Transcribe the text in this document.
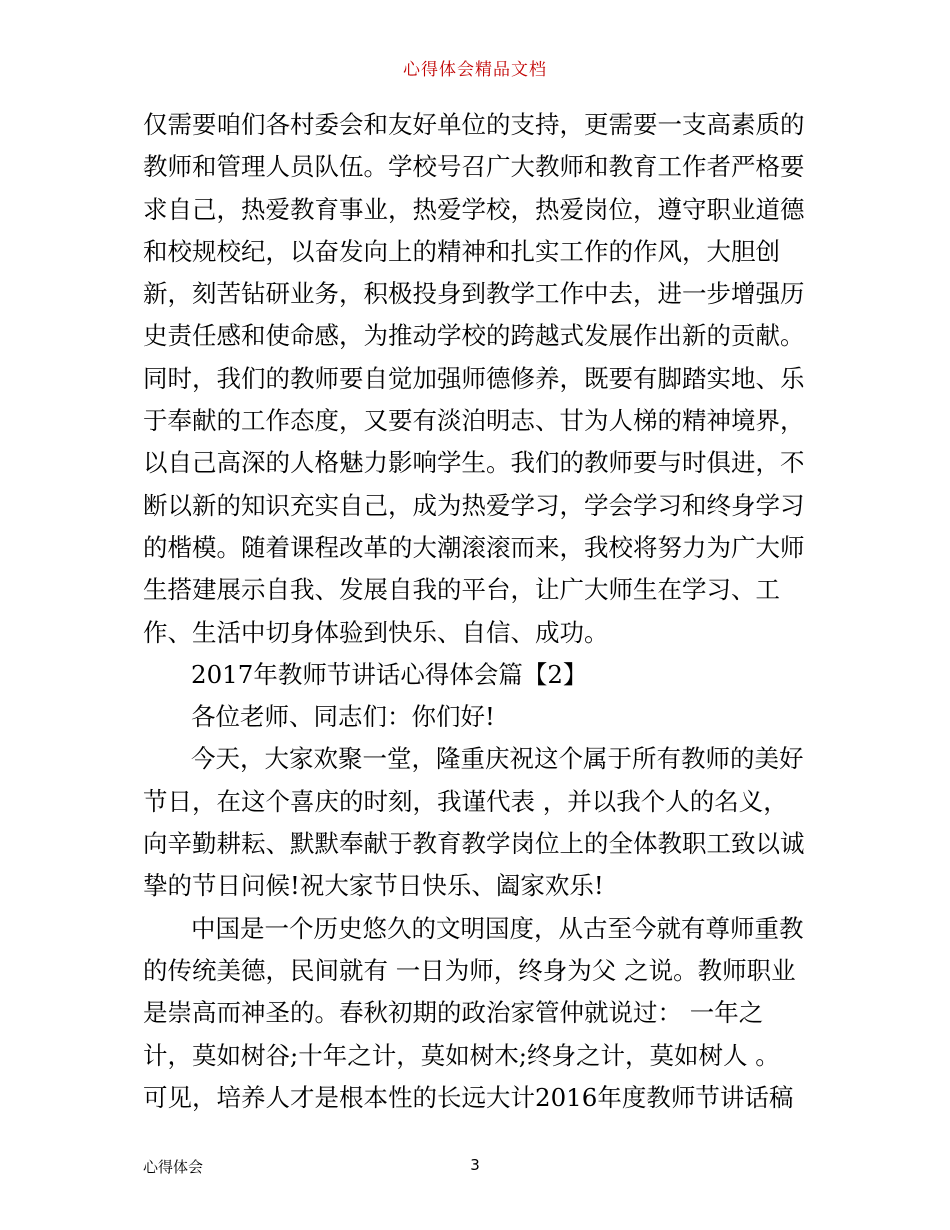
心得体会精品文档
仅需要咱们各村委会和友好单位的支持，更需要一支高素质的
教师和管理人员队伍。学校号召广大教师和教育工作者严格要
求自己，热爱教育事业，热爱学校，热爱岗位，遵守职业道德
和校规校纪，以奋发向上的精神和扎实工作的作风，大胆创
新，刻苦钻研业务，积极投身到教学工作中去，进一步增强历
史责任感和使命感，为推动学校的跨越式发展作出新的贡献。
同时，我们的教师要自觉加强师德修养，既要有脚踏实地、乐
于奉献的工作态度，又要有淡泊明志、甘为人梯的精神境界，
以自己高深的人格魅力影响学生。我们的教师要与时俱进，不
断以新的知识充实自己，成为热爱学习，学会学习和终身学习
的楷模。随着课程改革的大潮滚滚而来，我校将努力为广大师
生搭建展示自我、发展自我的平台，让广大师生在学习、工
作、生活中切身体验到快乐、自信、成功。
2017年教师节讲话心得体会篇【2】
各位老师、同志们：你们好!
今天，大家欢聚一堂，隆重庆祝这个属于所有教师的美好
节日，在这个喜庆的时刻，我谨代表 ，并以我个人的名义，
向辛勤耕耘、默默奉献于教育教学岗位上的全体教职工致以诚
挚的节日问候!祝大家节日快乐、阖家欢乐!
中国是一个历史悠久的文明国度，从古至今就有尊师重教
的传统美德，民间就有 一日为师，终身为父 之说。教师职业
是崇高而神圣的。春秋初期的政治家管仲就说过： 一年之
计，莫如树谷;十年之计，莫如树木;终身之计，莫如树人 。
可见，培养人才是根本性的长远大计2016年度教师节讲话稿
心得体会	3
